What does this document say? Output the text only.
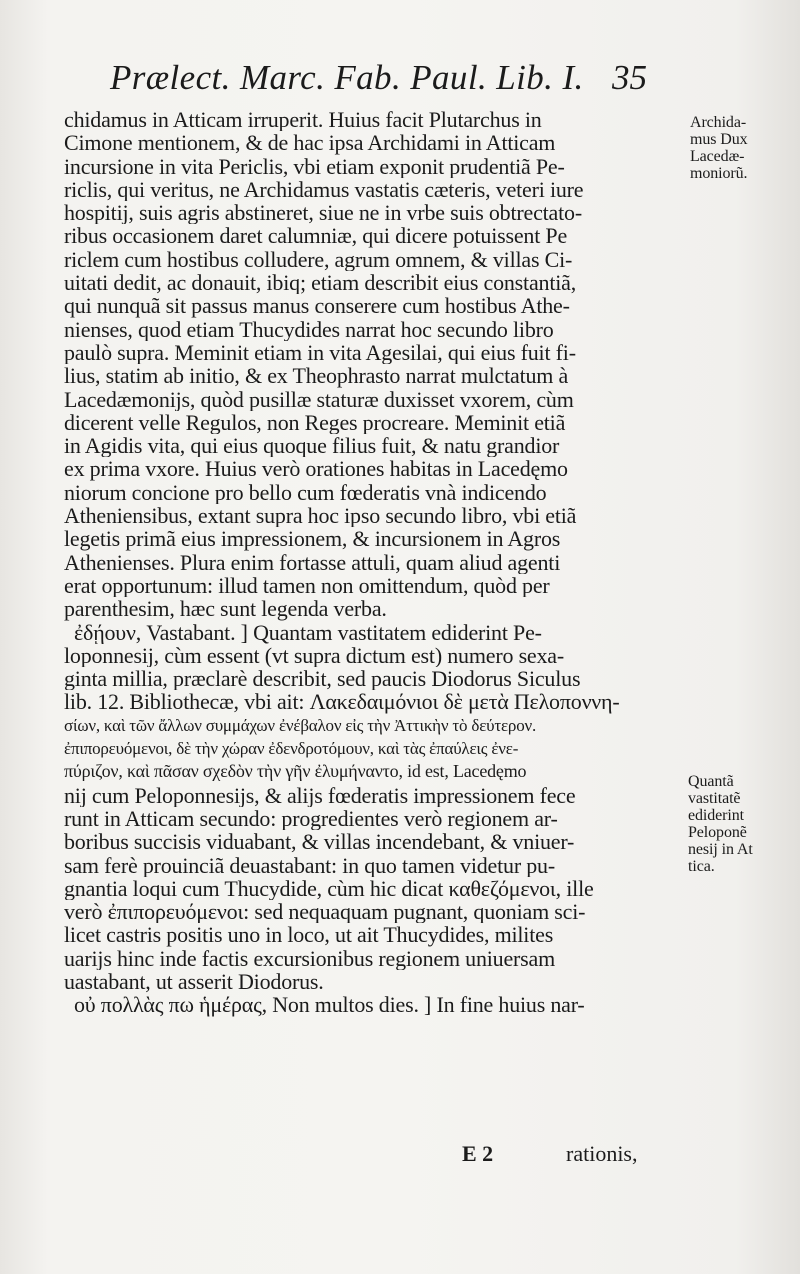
Prælect. Marc. Fab. Paul. Lib. I. 35
chidamus in Atticam irruperit. Huius facit Plutarchus in
Cimone mentionem, & de hac ipsa Archidami in Atticam
incursione in vita Periclis, vbi etiam exponit prudentiã Pe-
riclis, qui veritus, ne Archidamus vastatis cæteris, veteri iure
hospitij, suis agris abstineret, siue ne in vrbe suis obtrectato-
ribus occasionem daret calumniæ, qui dicere potuissent Pe
riclem cum hostibus colludere, agrum omnem, & villas Ci-
uitati dedit, ac donauit, ibiq; etiam describit eius constantiã,
qui nunquã sit passus manus conserere cum hostibus Athe-
nienses, quod etiam Thucydides narrat hoc secundo libro
paulò supra. Meminit etiam in vita Agesilai, qui eius fuit fi-
lius, statim ab initio, & ex Theophrasto narrat mulctatum à
Lacedæmonijs, quòd pusillæ staturæ duxisset vxorem, cùm
dicerent velle Regulos, non Reges procreare. Meminit etiã
in Agidis vita, qui eius quoque filius fuit, & natu grandior
ex prima vxore. Huius verò orationes habitas in Lacedęmo
niorum concione pro bello cum fœderatis vnà indicendo
Atheniensibus, extant supra hoc ipso secundo libro, vbi etiã
legetis primã eius impressionem, & incursionem in Agros
Athenienses. Plura enim fortasse attuli, quam aliud agenti
erat opportunum: illud tamen non omittendum, quòd per
parenthesim, hæc sunt legenda verba.
ἐδῄουν, Vastabant. ] Quantam vastitatem ediderint Pe-
loponnesij, cùm essent (vt supra dictum est) numero sexa-
ginta millia, præclarè describit, sed paucis Diodorus Siculus
lib. 12. Bibliothecæ, vbi ait: Λακεδαιμόνιοι δὲ μετὰ Πελοποννη-
σίων, καὶ τῶν ἄλλων συμμάχων ἐνέβαλον εἰς τὴν Ἀττικὴν τὸ δεύτερον.
ἐπιπορευόμενοι, δὲ τὴν χώραν ἐδενδροτόμουν, καὶ τὰς ἐπαύλεις ἐνε-
πύριζον, καὶ πᾶσαν σχεδὸν τὴν γῆν ἐλυμήναντο, id est, Lacedęmo
nij cum Peloponnesijs, & alijs fœderatis impressionem fece
runt in Atticam secundo: progredientes verò regionem ar-
boribus succisis viduabant, & villas incendebant, & vniuer-
sam ferè prouinciã deuastabant: in quo tamen videtur pu-
gnantia loqui cum Thucydide, cùm hic dicat καθεζόμενοι, ille
verò ἐπιπορευόμενοι: sed nequaquam pugnant, quoniam sci-
licet castris positis uno in loco, ut ait Thucydides, milites
uarijs hinc inde factis excursionibus regionem uniuersam
uastabant, ut asserit Diodorus.
οὐ πολλὰς πω ἡμέρας, Non multos dies. ] In fine huius nar-
E 2	rationis,
Archida-
mus Dux
Lacedæ-
moniorũ.
Quantã
vastitatẽ
ediderint
Peloponẽ
nesij in At
tica.
